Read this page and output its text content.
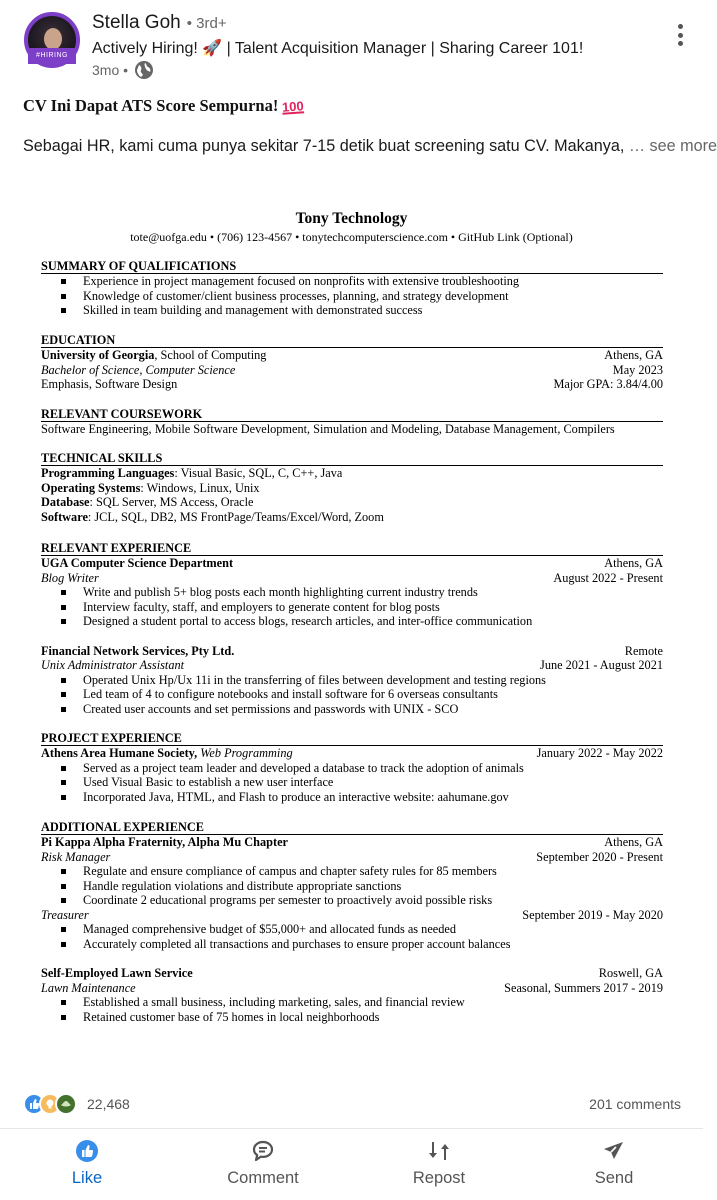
#HIRING
Stella Goh • 3rd+
Actively Hiring! 🚀 | Talent Acquisition Manager | Sharing Career 101!
3mo •
CV Ini Dapat ATS Score Sempurna! 100
Sebagai HR, kami cuma punya sekitar 7-15 detik buat screening satu CV. Makanya, … see more
Tony Technology
tote@uofga.edu • (706) 123-4567 • tonytechcomputerscience.com • GitHub Link (Optional)
SUMMARY OF QUALIFICATIONS
Experience in project management focused on nonprofits with extensive troubleshooting
Knowledge of customer/client business processes, planning, and strategy development
Skilled in team building and management with demonstrated success
EDUCATION
University of Georgia, School of Computing	Athens, GA
Bachelor of Science, Computer Science	May 2023
Emphasis, Software Design	Major GPA: 3.84/4.00
RELEVANT COURSEWORK
Software Engineering, Mobile Software Development, Simulation and Modeling, Database Management, Compilers
TECHNICAL SKILLS
Programming Languages: Visual Basic, SQL, C, C++, Java
Operating Systems: Windows, Linux, Unix
Database: SQL Server, MS Access, Oracle
Software: JCL, SQL, DB2, MS FrontPage/Teams/Excel/Word, Zoom
RELEVANT EXPERIENCE
UGA Computer Science Department	Athens, GA
Blog Writer	August 2022 - Present
Write and publish 5+ blog posts each month highlighting current industry trends
Interview faculty, staff, and employers to generate content for blog posts
Designed a student portal to access blogs, research articles, and inter-office communication
Financial Network Services, Pty Ltd.	Remote
Unix Administrator Assistant	June 2021 - August 2021
Operated Unix Hp/Ux 11i in the transferring of files between development and testing regions
Led team of 4 to configure notebooks and install software for 6 overseas consultants
Created user accounts and set permissions and passwords with UNIX - SCO
PROJECT EXPERIENCE
Athens Area Humane Society, Web Programming	January 2022 - May 2022
Served as a project team leader and developed a database to track the adoption of animals
Used Visual Basic to establish a new user interface
Incorporated Java, HTML, and Flash to produce an interactive website: aahumane.gov
ADDITIONAL EXPERIENCE
Pi Kappa Alpha Fraternity, Alpha Mu Chapter	Athens, GA
Risk Manager	September 2020 - Present
Regulate and ensure compliance of campus and chapter safety rules for 85 members
Handle regulation violations and distribute appropriate sanctions
Coordinate 2 educational programs per semester to proactively avoid possible risks
Treasurer	September 2019 - May 2020
Managed comprehensive budget of $55,000+ and allocated funds as needed
Accurately completed all transactions and purchases to ensure proper account balances
Self-Employed Lawn Service	Roswell, GA
Lawn Maintenance	Seasonal, Summers 2017 - 2019
Established a small business, including marketing, sales, and financial review
Retained customer base of 75 homes in local neighborhoods
22,468	201 comments
Like	Comment	Repost	Send
